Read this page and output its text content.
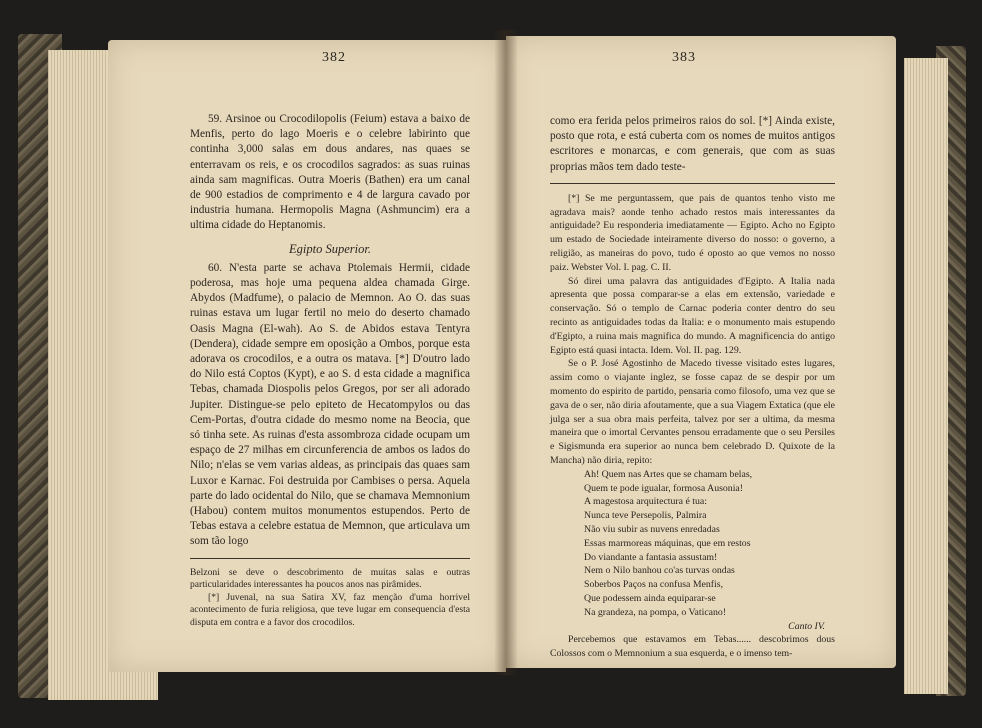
382	383

59. Arsinoe ou Crocodilopolis (Feium) estava a baixo de Menfis, perto do lago Moeris e o celebre labirinto que continha 3,000 salas em dous andares, nas quaes se enterravam os reis, e os crocodilos sagrados: as suas ruinas ainda sam magnificas. Outra Moeris (Bathen) era um canal de 900 estadios de comprimento e 4 de largura cavado por industria humana. Hermopolis Magna (Ashmuncim) era a ultima cidade do Heptanomis.

Egipto Superior.

60. N'esta parte se achava Ptolemais Hermii, cidade poderosa, mas hoje uma pequena aldea chamada Girge. Abydos (Madfume), o palacio de Memnon. Ao O. das suas ruinas estava um lugar fertil no meio do deserto chamado Oasis Magna (El-wah). Ao S. de Abidos estava Tentyra (Dendera), cidade sempre em oposição a Ombos, porque esta adorava os crocodilos, e a outra os matava. [*] D'outro lado do Nilo está Coptos (Kypt), e ao S. d esta cidade a magnifica Tebas, chamada Diospolis pelos Gregos, por ser ali adorado Jupiter. Distingue-se pelo epiteto de Hecatompylos ou das Cem-Portas, d'outra cidade do mesmo nome na Beocia, que só tinha sete. As ruinas d'esta assombroza cidade ocupam um espaço de 27 milhas em circunferencia de ambos os lados do Nilo; n'elas se vem varias aldeas, as principais das quaes sam Luxor e Karnac. Foi destruida por Cambises o persa. Aquela parte do lado ocidental do Nilo, que se chamava Memnonium (Habou) contem muitos monumentos estupendos. Perto de Tebas estava a celebre estatua de Memnon, que articulava um som tão logo

Belzoni se deve o descobrimento de muitas salas e outras particularidades interessantes ha poucos anos nas pirâmides.

[*] Juvenal, na sua Satira XV, faz menção d'uma horrivel acontecimento de furia religiosa, que teve lugar em consequencia d'esta disputa em contra e a favor dos crocodilos.

como era ferida pelos primeiros raios do sol. [*] Ainda existe, posto que rota, e está cuberta com os nomes de muitos antigos escritores e monarcas, e com generais, que com as suas proprias mãos tem dado teste-

[*] Se me perguntassem, que pais de quantos tenho visto me agradava mais? aonde tenho achado restos mais interessantes da antiguidade? Eu responderia imediatamente — Egipto. Acho no Egipto um estado de Sociedade inteiramente diverso do nosso: o governo, a religião, as maneiras do povo, tudo é oposto ao que vemos no nosso paiz. Webster Vol. I. pag. C. II.

Só direi uma palavra das antiguidades d'Egipto. A Italia nada apresenta que possa comparar-se a elas em extensão, variedade e conservação. Só o templo de Carnac poderia conter dentro do seu recinto as antiguidades todas da Italia: e o monumento mais estupendo d'Egipto, a ruina mais magnifica do mundo. A magnificencia do antigo Egipto está quasi intacta. Idem. Vol. II. pag. 129.

Se o P. José Agostinho de Macedo tivesse visitado estes lugares, assim como o viajante inglez, se fosse capaz de se despir por um momento do espirito de partido, pensaria como filosofo, uma vez que se gava de o ser, não diria afoutamente, que a sua Viagem Extatica (que ele julga ser a sua obra mais perfeita, talvez por ser a ultima, da mesma maneira que o imortal Cervantes pensou erradamente que o seu Persiles e Sigismunda era superior ao nunca bem celebrado D. Quixote de la Mancha) não diria, repito:

Ah! Quem nas Artes que se chamam belas,
Quem te pode igualar, formosa Ausonia!
A magestosa arquitectura é tua:
Nunca teve Persepolis, Palmira
Não viu subir as nuvens enredadas
Essas marmoreas máquinas, que em restos
Do viandante a fantasia assustam!
Nem o Nilo banhou co'as turvas ondas
Soberbos Paços na confusa Menfis,
Que podessem ainda equiparar-se
Na grandeza, na pompa, o Vaticano!

Canto IV.

Percebemos que estavamos em Tebas...... descobrimos dous Colossos com o Memnonium a sua esquerda, e o imenso tem-
